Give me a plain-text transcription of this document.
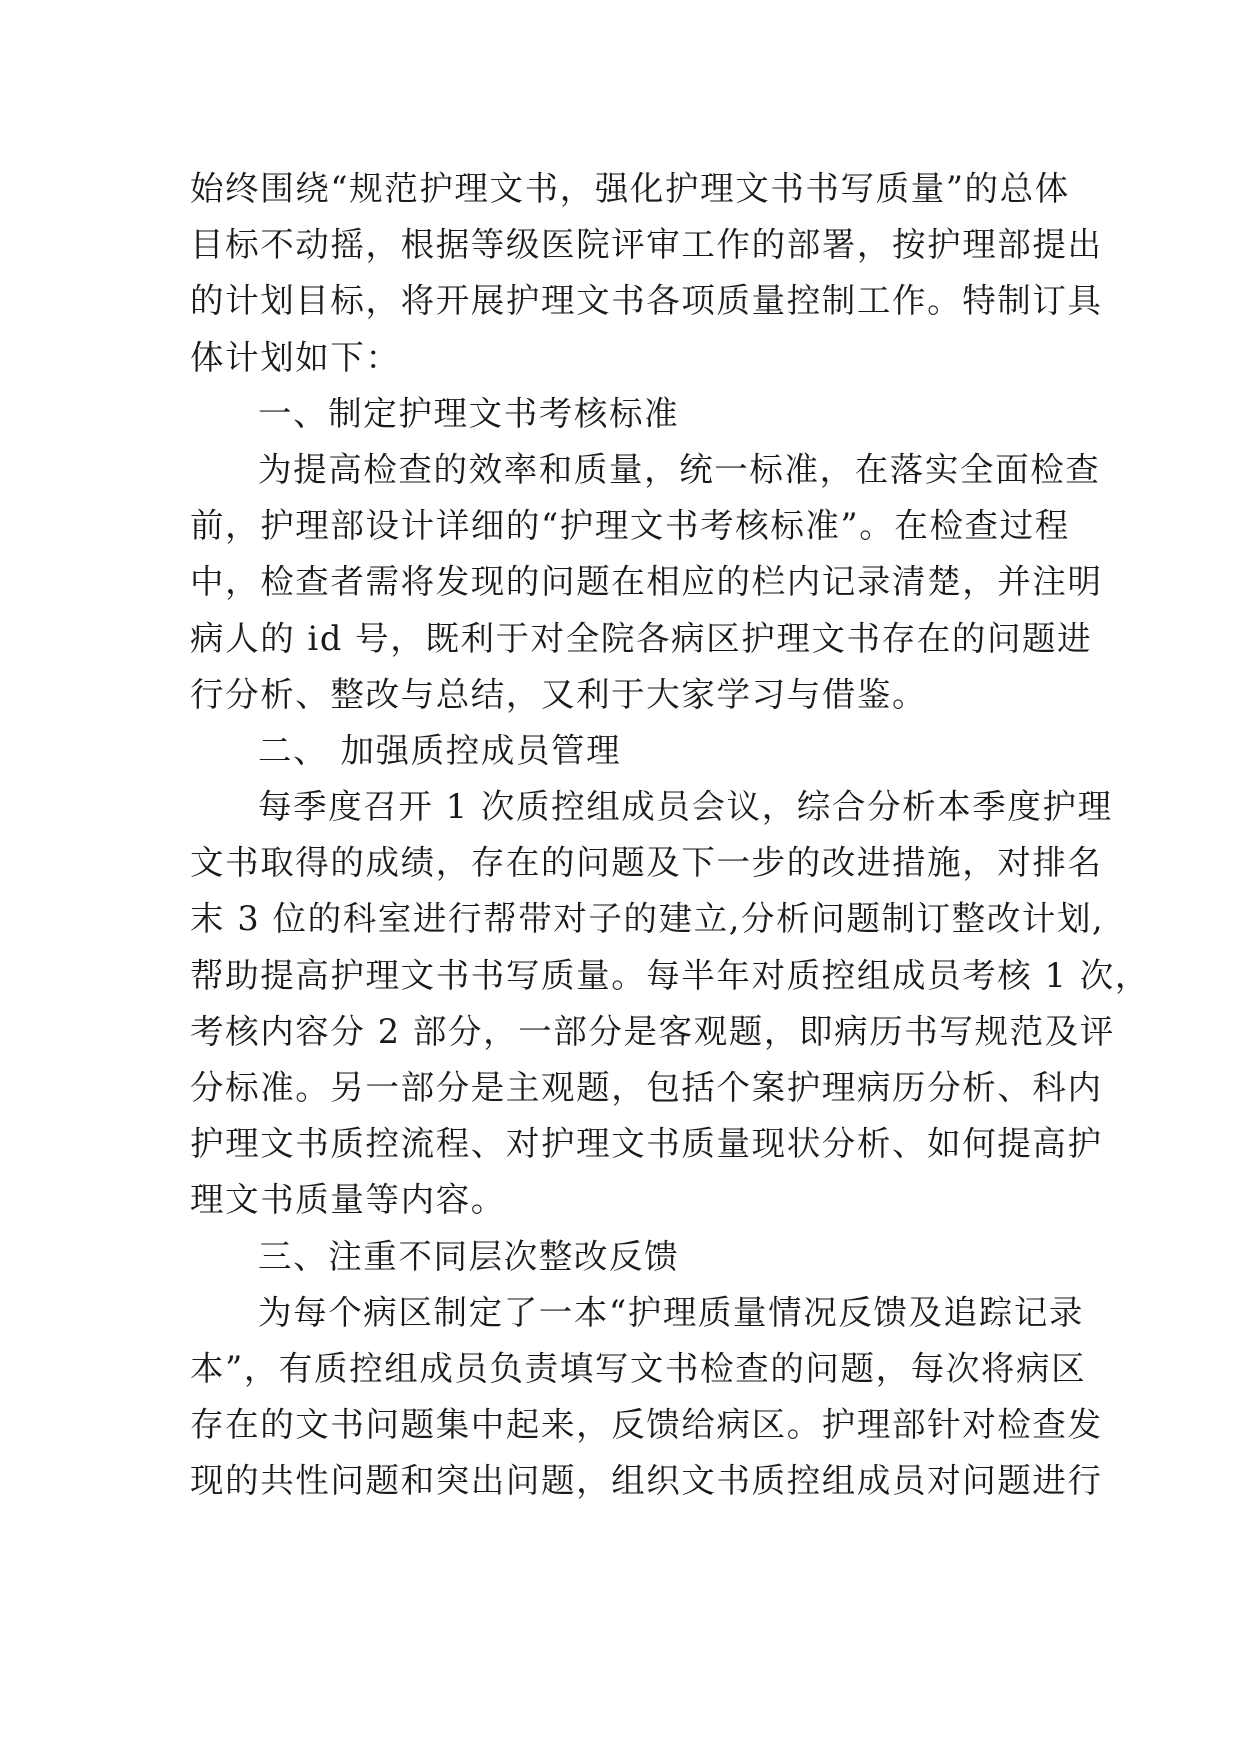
始终围绕“规范护理文书，强化护理文书书写质量”的总体
目标不动摇，根据等级医院评审工作的部署，按护理部提出
的计划目标，将开展护理文书各项质量控制工作。特制订具
体计划如下：
一、制定护理文书考核标准
为提高检查的效率和质量，统一标准，在落实全面检查
前，护理部设计详细的“护理文书考核标准”。在检查过程
中，检查者需将发现的问题在相应的栏内记录清楚，并注明
病人的 id 号，既利于对全院各病区护理文书存在的问题进
行分析、整改与总结，又利于大家学习与借鉴。
二、 加强质控成员管理
每季度召开 1 次质控组成员会议，综合分析本季度护理
文书取得的成绩，存在的问题及下一步的改进措施，对排名
末 3 位的科室进行帮带对子的建立,分析问题制订整改计划,
帮助提高护理文书书写质量。每半年对质控组成员考核 1 次，
考核内容分 2 部分，一部分是客观题，即病历书写规范及评
分标准。另一部分是主观题，包括个案护理病历分析、科内
护理文书质控流程、对护理文书质量现状分析、如何提高护
理文书质量等内容。
三、注重不同层次整改反馈
为每个病区制定了一本“护理质量情况反馈及追踪记录
本”，有质控组成员负责填写文书检查的问题，每次将病区
存在的文书问题集中起来，反馈给病区。护理部针对检查发
现的共性问题和突出问题，组织文书质控组成员对问题进行
